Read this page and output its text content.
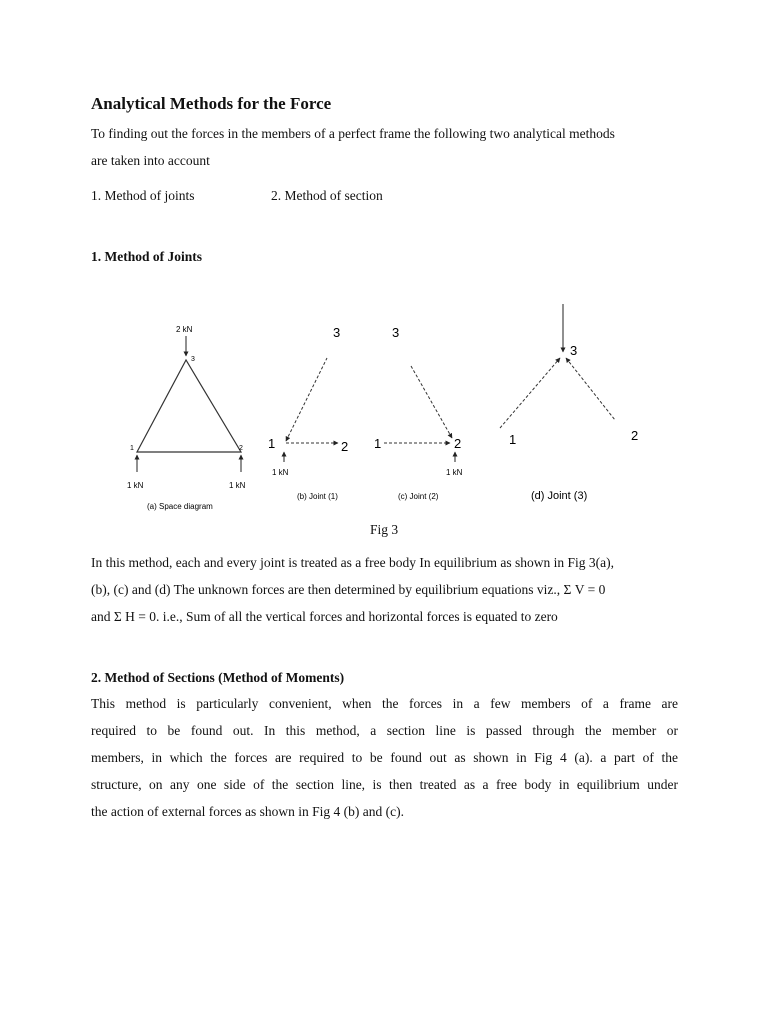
Analytical Methods for the Force
To finding out the forces in the members of a perfect frame the following two analytical methods
are taken into account
1. Method of joints	2. Method of section
1. Method of Joints
2 kN
3
1	2
1 kN	1 kN
(a) Space diagram
3
1	2
1 kN
(b) Joint (1)
3
1	2
1 kN
(c) Joint (2)
3
1	2
(d) Joint (3)
Fig 3
In this method, each and every joint is treated as a free body In equilibrium as shown in Fig 3(a),
(b), (c) and (d) The unknown forces are then determined by equilibrium equations viz., Σ V = 0
and Σ H = 0. i.e., Sum of all the vertical forces and horizontal forces is equated to zero
2. Method of Sections (Method of Moments)
This method is particularly convenient, when the forces in a few members of a frame are
required to be found out. In this method, a section line is passed through the member or
members, in which the forces are required to be found out as shown in Fig 4 (a). a part of the
structure, on any one side of the section line, is then treated as a free body in equilibrium under
the action of external forces as shown in Fig 4 (b) and (c).
